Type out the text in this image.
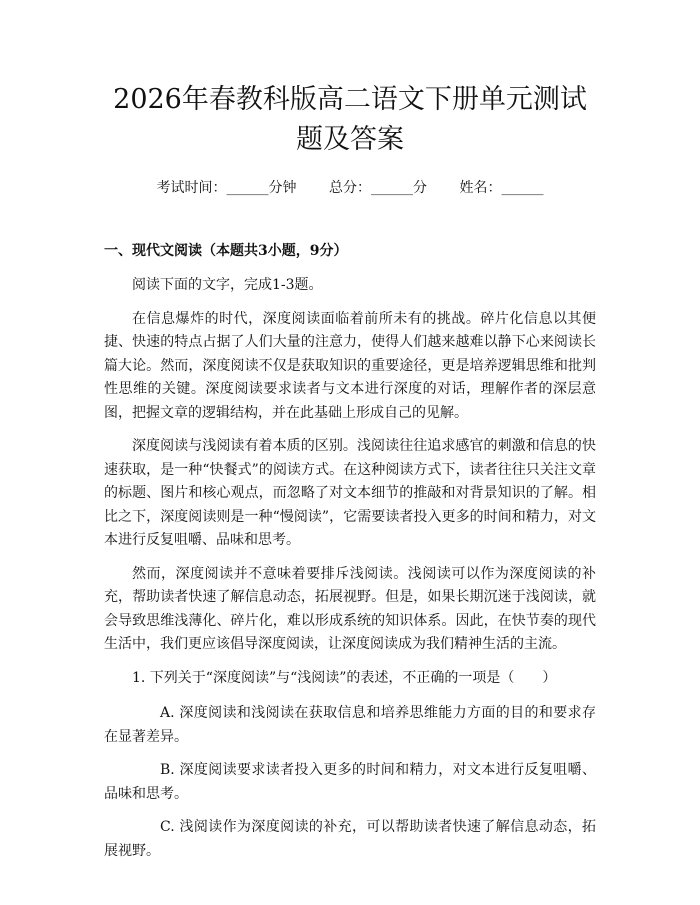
2026年春教科版高二语文下册单元测试题及答案
考试时间：______分钟 总分：______分 姓名：______
一、现代文阅读（本题共3小题，9分）

阅读下面的文字，完成1-3题。

在信息爆炸的时代，深度阅读面临着前所未有的挑战。碎片化信息以其便捷、快速的特点占据了人们大量的注意力，使得人们越来越难以静下心来阅读长篇大论。然而，深度阅读不仅是获取知识的重要途径，更是培养逻辑思维和批判性思维的关键。深度阅读要求读者与文本进行深度的对话，理解作者的深层意图，把握文章的逻辑结构，并在此基础上形成自己的见解。

深度阅读与浅阅读有着本质的区别。浅阅读往往追求感官的刺激和信息的快速获取，是一种“快餐式”的阅读方式。在这种阅读方式下，读者往往只关注文章的标题、图片和核心观点，而忽略了对文本细节的推敲和对背景知识的了解。相比之下，深度阅读则是一种“慢阅读”，它需要读者投入更多的时间和精力，对文本进行反复咀嚼、品味和思考。

然而，深度阅读并不意味着要排斥浅阅读。浅阅读可以作为深度阅读的补充，帮助读者快速了解信息动态，拓展视野。但是，如果长期沉迷于浅阅读，就会导致思维浅薄化、碎片化，难以形成系统的知识体系。因此，在快节奏的现代生活中，我们更应该倡导深度阅读，让深度阅读成为我们精神生活的主流。

1. 下列关于“深度阅读”与“浅阅读”的表述，不正确的一项是（　　）

A. 深度阅读和浅阅读在获取信息和培养思维能力方面的目的和要求存在显著差异。

B. 深度阅读要求读者投入更多的时间和精力，对文本进行反复咀嚼、品味和思考。

C. 浅阅读作为深度阅读的补充，可以帮助读者快速了解信息动态，拓展视野。
